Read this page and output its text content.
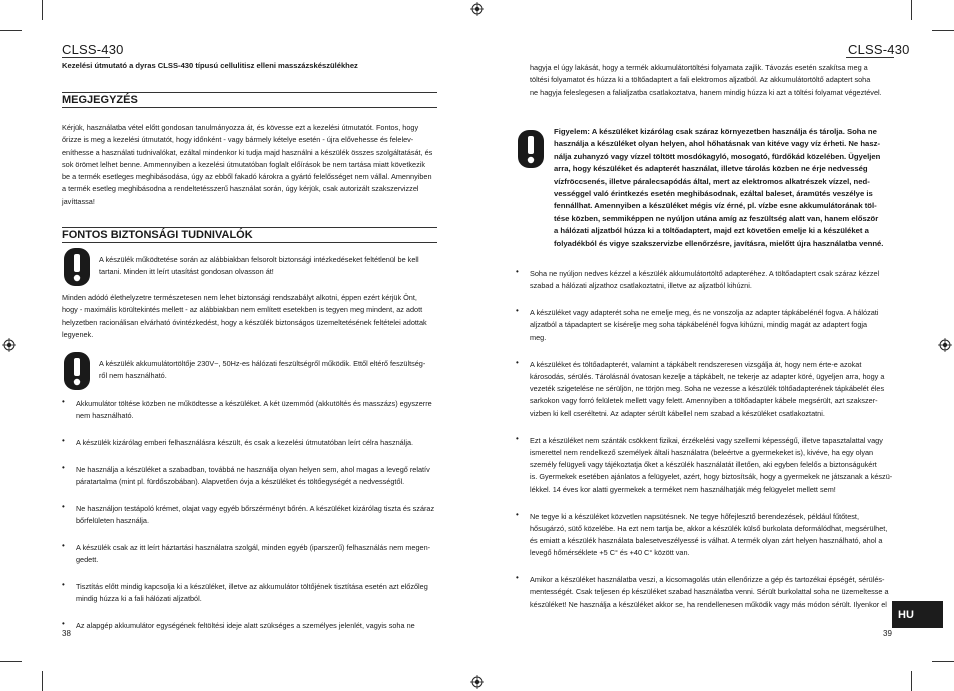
CLSS-430
Kezelési útmutató a dyras CLSS-430 típusú cellulitisz elleni masszázskészülékhez
MEGJEGYZÉS
Kérjük, használatba vétel előtt gondosan tanulmányozza át, és kövesse ezt a kezelési útmutatót. Fontos, hogy
őrizze is meg a kezelési útmutatót, hogy időnként - vagy bármely kételye esetén - újra elővehesse és felelev-
eníthesse a használati tudnivalókat, ezáltal mindenkor ki tudja majd használni a készülék összes szolgáltatását, és
sok örömet lelhet benne. Ammennyiben a kezelési útmutatóban foglalt előírások be nem tartása miatt következik
be a termék esetleges meghibásodása, úgy az ebből fakadó károkra a gyártó felelősséget nem vállal. Amennyiben
a termék esetleg meghibásodna a rendeltetésszerű használat során, úgy kérjük, csak autorizált szakszervizzel
javíttassa!
FONTOS BIZTONSÁGI TUDNIVALÓK
A készülék működtetése során az alábbiakban felsorolt biztonsági intézkedéseket feltétlenül be kell
tartani. Minden itt leírt utasítást gondosan olvasson át!
Minden adódó élethelyzetre természetesen nem lehet biztonsági rendszabályt alkotni, éppen ezért kérjük Önt,
hogy - maximális körültekintés mellett - az alábbiakban nem említett esetekben is tegyen meg mindent, az adott
helyzetben racionálisan elvárható óvintézkedést, hogy a készülék biztonságos üzemeltetésének feltételei adottak
legyenek.
A készülék akkumulátortöltője 230V~, 50Hz-es hálózati feszültségről működik. Ettől eltérő feszültség-
ről nem használható.
• Akkumulátor töltése közben ne működtesse a készüléket. A két üzemmód (akkutöltés és masszázs) egyszerre
nem használható.
• A készülék kizárólag emberi felhasználásra készült, és csak a kezelési útmutatóban leírt célra használja.
• Ne használja a készüléket a szabadban, továbbá ne használja olyan helyen sem, ahol magas a levegő relatív
páratartalma (mint pl. fürdőszobában). Alapvetően óvja a készüléket és töltőegységét a nedvességtől.
• Ne használjon testápoló krémet, olajat vagy egyéb bőrszérményt bőrén. A készüléket kizárólag tiszta és száraz
bőrfelületen használja.
• A készülék csak az itt leírt háztartási használatra szolgál, minden egyéb (iparszerű) felhasználás nem megen-
gedett.
• Tisztítás előtt mindig kapcsolja ki a készüléket, illetve az akkumulátor töltőjének tisztítása esetén azt előzőleg
mindig húzza ki a fali hálózati aljzatból.
• Az alapgép akkumulátor egységének feltöltési ideje alatt szükséges a személyes jelenlét, vagyis soha ne
38
CLSS-430
hagyja el úgy lakását, hogy a termék akkumulátortöltési folyamata zajlik. Távozás esetén szakítsa meg a
töltési folyamatot és húzza ki a töltőadaptert a fali elektromos aljzatból. Az akkumulátortöltő adaptert soha
ne hagyja feleslegesen a falialjzatba csatlakoztatva, hanem mindig húzza ki azt a töltési folyamat végeztével.
Figyelem: A készüléket kizárólag csak száraz környezetben használja és tárolja. Soha ne
használja a készüléket olyan helyen, ahol hőhatásnak van kitéve vagy víz érheti. Ne hasz-
nálja zuhanyzó vagy vízzel töltött mosdókagyló, mosogató, fürdőkád közelében. Ügyeljen
arra, hogy készüléket és adapterét használat, illetve tárolás közben ne érje nedvesség
vízfröccsenés, illetve páralecsapódás által, mert az elektromos alkatrészek vízzel, ned-
vességgel való érintkezés esetén meghibásodnak, ezáltal baleset, áramütés veszélye is
fennállhat. Amennyiben a készüléket mégis víz érné, pl. vízbe esne akkumulátorának töl-
tése közben, semmiképpen ne nyúljon utána amíg az feszültség alatt van, hanem először
a hálózati aljzatból húzza ki a töltőadaptert, majd ezt követően emelje ki a készüléket a
folyadékból és vigye szakszervizbe ellenőrzésre, javításra, mielőtt újra használatba venné.
• Soha ne nyúljon nedves kézzel a készülék akkumulátortöltő adapteréhez. A töltőadaptert csak száraz kézzel
szabad a hálózati aljzathoz csatlakoztatni, illetve az aljzatból kihúzni.
• A készüléket vagy adapterét soha ne emelje meg, és ne vonszolja az adapter tápkábelénél fogva. A hálózati
aljzatból a tápadaptert se kísérelje meg soha tápkábelénél fogva kihúzni, mindig magát az adaptert fogja
meg.
• A készüléket és töltőadapterét, valamint a tápkábelt rendszeresen vizsgálja át, hogy nem érte-e azokat
károsodás, sérülés. Tárolásnál óvatosan kezelje a tápkábelt, ne tekerje az adapter köré, ügyeljen arra, hogy a
vezeték szigetelése ne sérüljön, ne törjön meg. Soha ne vezesse a készülék töltőadapterének tápkábelét éles
sarkokon vagy forró felületek mellett vagy felett. Amennyiben a töltőadapter kábele megsérült, azt szakszer-
vizben ki kell cseréltetni. Az adapter sérült kábellel nem szabad a készüléket csatlakoztatni.
• Ezt a készüléket nem szánták csökkent fizikai, érzékelési vagy szellemi képességű, illetve tapasztalattal vagy
ismerettel nem rendelkező személyek általi használatra (beleértve a gyermekeket is), kivéve, ha egy olyan
személy felügyeli vagy tájékoztatja őket a készülék használatát illetően, aki egyben felelős a biztonságukért
is. Gyermekek esetében ajánlatos a felügyelet, azért, hogy biztosítsák, hogy a gyermekek ne játszanak a készü-
lékkel. 14 éves kor alatti gyermekek a terméket nem használhatják még felügyelet mellett sem!
• Ne tegye ki a készüléket közvetlen napsütésnek. Ne tegye hőfejlesztő berendezések, például fűtőtest,
hősugárzó, sütő közelébe. Ha ezt nem tartja be, akkor a készülék külső burkolata deformálódhat, megsérülhet,
és emiatt a készülék használata balesetveszélyessé is válhat. A termék olyan zárt helyen használható, ahol a
levegő hőmérséklete +5 C° és +40 C° között van.
• Amikor a készüléket használatba veszi, a kicsomagolás után ellenőrizze a gép és tartozékai épségét, sérülés-
mentességét. Csak teljesen ép készüléket szabad használatba venni. Sérült burkolattal soha ne üzemeltesse a
készüléket! Ne használja a készüléket akkor se, ha rendellenesen működik vagy más módon sérült. Ilyenkor el
39
HU
